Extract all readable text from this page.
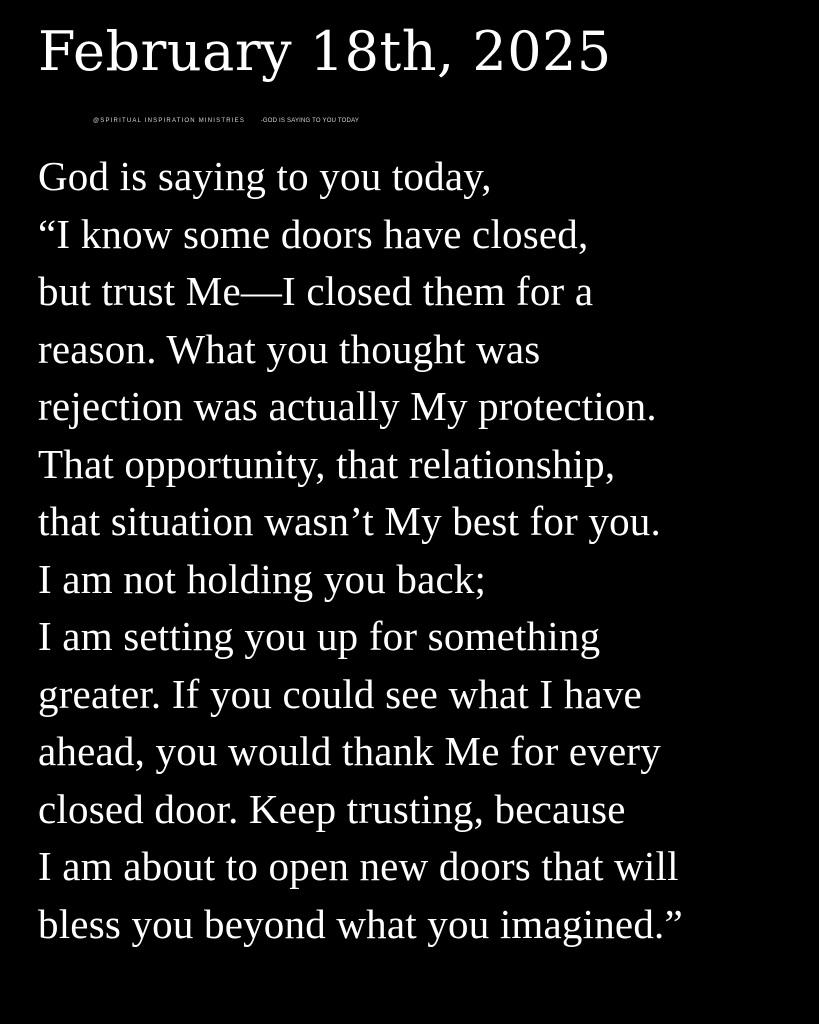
February 18th, 2025
@SPIRITUAL INSPIRATION MINISTRIES	-GOD IS SAYING TO YOU TODAY
God is saying to you today,
“I know some doors have closed,
but trust Me—I closed them for a
reason. What you thought was
rejection was actually My protection.
That opportunity, that relationship,
that situation wasn’t My best for you.
I am not holding you back;
I am setting you up for something
greater. If you could see what I have
ahead, you would thank Me for every
closed door. Keep trusting, because
I am about to open new doors that will
bless you beyond what you imagined.”
